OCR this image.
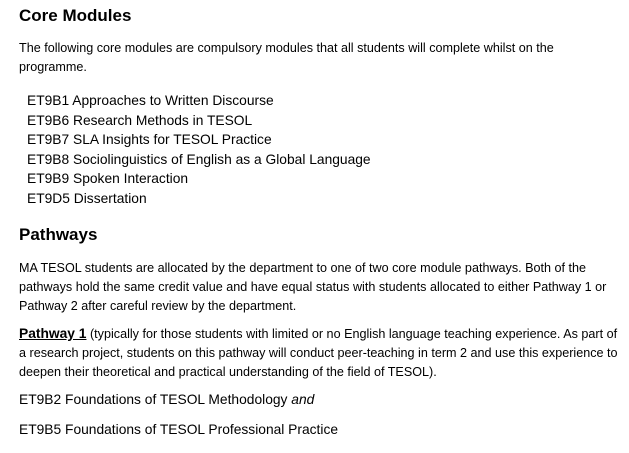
Core Modules

The following core modules are compulsory modules that all students will complete whilst on the programme.

ET9B1 Approaches to Written Discourse
ET9B6 Research Methods in TESOL
ET9B7 SLA Insights for TESOL Practice
ET9B8 Sociolinguistics of English as a Global Language
ET9B9 Spoken Interaction
ET9D5 Dissertation
Pathways

MA TESOL students are allocated by the department to one of two core module pathways. Both of the pathways hold the same credit value and have equal status with students allocated to either Pathway 1 or Pathway 2 after careful review by the department.

Pathway 1 (typically for those students with limited or no English language teaching experience. As part of a research project, students on this pathway will conduct peer-teaching in term 2 and use this experience to deepen their theoretical and practical understanding of the field of TESOL).

ET9B2 Foundations of TESOL Methodology and

ET9B5 Foundations of TESOL Professional Practice
